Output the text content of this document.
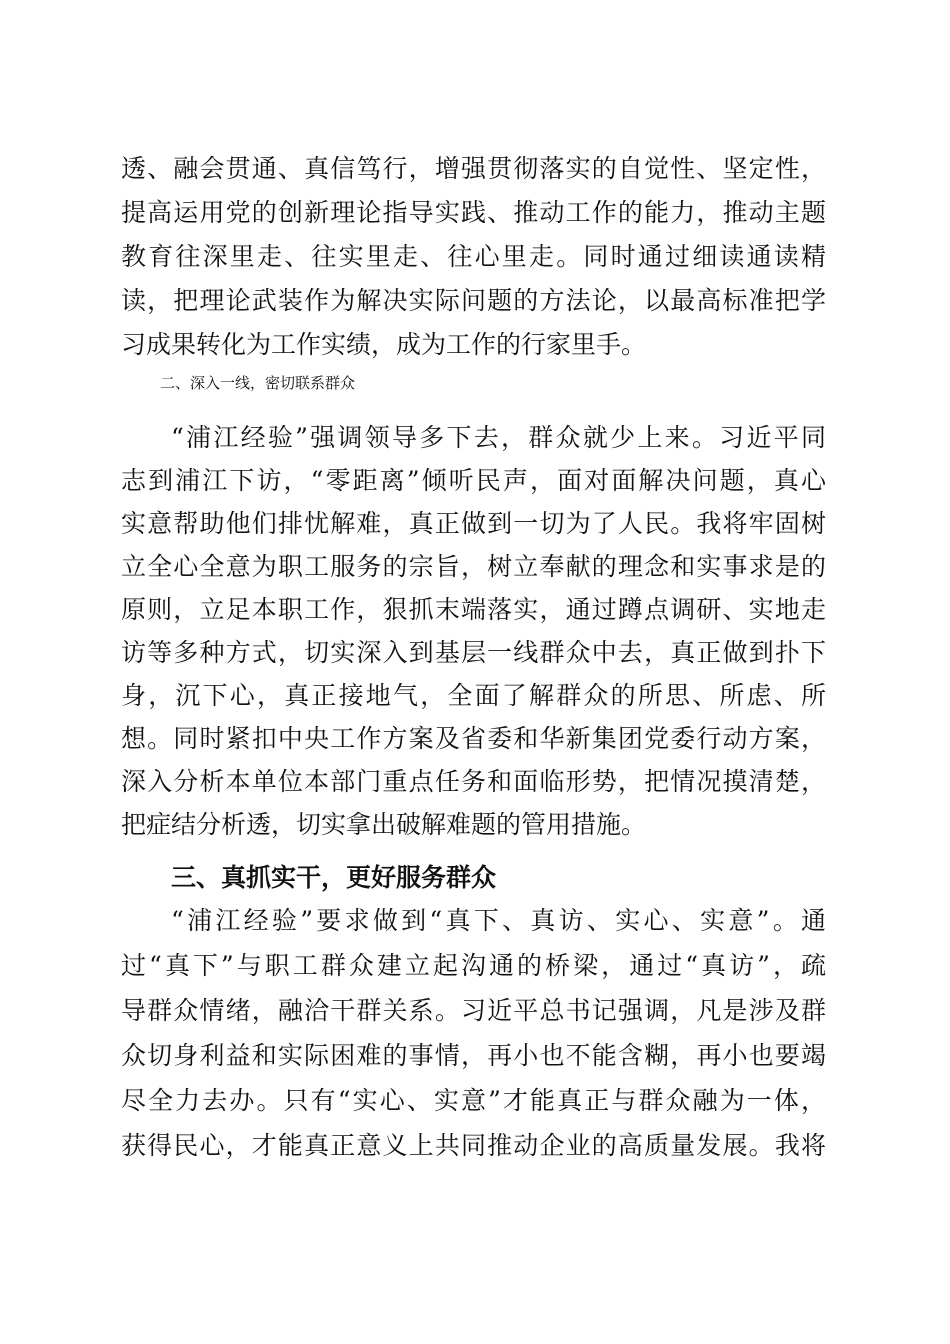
透、融会贯通、真信笃行，增强贯彻落实的自觉性、坚定性，
提高运用党的创新理论指导实践、推动工作的能力，推动主题
教育往深里走、往实里走、往心里走。同时通过细读通读精
读，把理论武装作为解决实际问题的方法论，以最高标准把学
习成果转化为工作实绩，成为工作的行家里手。
二、深入一线，密切联系群众
“浦江经验”强调领导多下去，群众就少上来。习近平同
志到浦江下访，“零距离”倾听民声，面对面解决问题，真心
实意帮助他们排忧解难，真正做到一切为了人民。我将牢固树
立全心全意为职工服务的宗旨，树立奉献的理念和实事求是的
原则，立足本职工作，狠抓末端落实，通过蹲点调研、实地走
访等多种方式，切实深入到基层一线群众中去，真正做到扑下
身，沉下心，真正接地气，全面了解群众的所思、所虑、所
想。同时紧扣中央工作方案及省委和华新集团党委行动方案，
深入分析本单位本部门重点任务和面临形势，把情况摸清楚，
把症结分析透，切实拿出破解难题的管用措施。
三、真抓实干，更好服务群众
“浦江经验”要求做到“真下、真访、实心、实意”。通
过“真下”与职工群众建立起沟通的桥梁，通过“真访”，疏
导群众情绪，融洽干群关系。习近平总书记强调，凡是涉及群
众切身利益和实际困难的事情，再小也不能含糊，再小也要竭
尽全力去办。只有“实心、实意”才能真正与群众融为一体，
获得民心，才能真正意义上共同推动企业的高质量发展。我将
